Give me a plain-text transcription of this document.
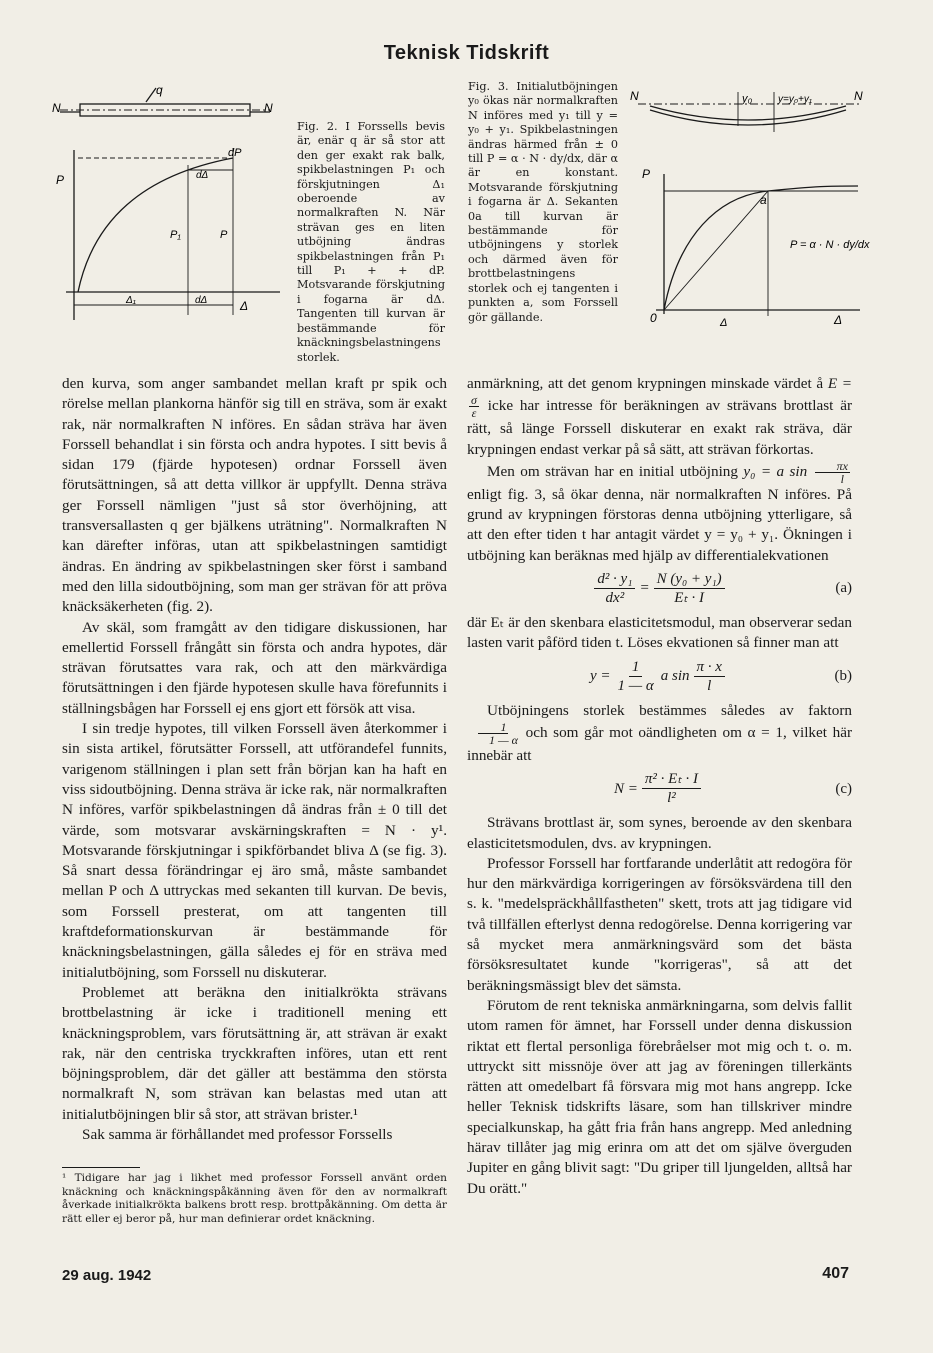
Teknisk Tidskrift
N	N
q
P
dP
dΔ
P₁	P
Δ₁	dΔ	Δ
Fig. 2. I Forssells bevis är, enär q är så stor att den ger exakt rak balk, spikbelastningen P₁ och förskjutningen Δ₁ oberoende av normalkraften N. När strävan ges en liten utböjning ändras spikbelastningen från P₁ till P₁ + + dP. Motsvarande förskjutning i fogarna är dΔ. Tangenten till kurvan är bestämmande för knäckningsbelastningens storlek.
Fig. 3. Initialutböjningen y₀ ökas när normalkraften N införes med y₁ till y = y₀ + y₁. Spikbelastningen ändras härmed från ± 0 till P = α · N · dy/dx, där α är en konstant. Motsvarande förskjutning i fogarna är Δ. Sekanten 0a till kurvan är bestämmande för utböjningens y storlek och därmed även för brottbelastningens storlek och ej tangenten i punkten a, som Forssell gör gällande.
N	N
y₀	y=y₀+y₁
P
a
P = α · N · dy/dx
0	Δ	Δ

den kurva, som anger sambandet mellan kraft pr spik och rörelse mellan plankorna hänför sig till en sträva, som är exakt rak, när normalkraften N införes. En sådan sträva har även Forssell behandlat i sin första och andra hypotes. I sitt bevis å sidan 179 (fjärde hypotesen) ordnar Forssell även förutsättningen, så att detta villkor är uppfyllt. Denna sträva ger Forssell nämligen "just så stor överhöjning, att transversallasten q ger bjälkens uträtning". Normalkraften N kan därefter införas, utan att spikbelastningen samtidigt ändras. En ändring av spikbelastningen sker först i samband med den lilla sidoutböjning, som man ger strävan för att pröva knäcksäkerheten (fig. 2).

Av skäl, som framgått av den tidigare diskussionen, har emellertid Forssell frångått sin första och andra hypotes, där strävan förutsattes vara rak, och att den märkvärdiga förutsättningen i den fjärde hypotesen skulle hava förefunnits i ställningsbågen har Forssell ej ens gjort ett försök att visa.

I sin tredje hypotes, till vilken Forssell även återkommer i sin sista artikel, förutsätter Forssell, att utförandefel funnits, varigenom ställningen i plan sett från början kan ha haft en viss sidoutböjning. Denna sträva är icke rak, när normalkraften N införes, varför spikbelastningen då ändras från ± 0 till det värde, som motsvarar avskärningskraften = N · y¹. Motsvarande förskjutningar i spikförbandet bliva Δ (se fig. 3). Så snart dessa förändringar ej äro små, måste sambandet mellan P och Δ uttryckas med sekanten till kurvan. De bevis, som Forssell presterat, om att tangenten till kraftdeformationskurvan är bestämmande för knäckningsbelastningen, gälla således ej för en sträva med initialutböjning, som Forssell nu diskuterar.

Problemet att beräkna den initialkrökta strävans brottbelastning är icke i traditionell mening ett knäckningsproblem, vars förutsättning är, att strävan är exakt rak, när den centriska tryckkraften införes, utan ett rent böjningsproblem, där det gäller att bestämma den största normalkraft N, som strävan kan belastas med utan att initialutböjningen blir så stor, att strävan brister.¹

Sak samma är förhållandet med professor Forssells

¹ Tidigare har jag i likhet med professor Forssell använt orden knäckning och knäckningspåkänning även för den av normalkraft åverkade initialkrökta balkens brott resp. brottpåkänning. Om detta är rätt eller ej beror på, hur man definierar ordet knäckning.

anmärkning, att det genom krypningen minskade värdet å E =
$\frac{\sigma}{\varepsilon}$ icke har intresse för beräkningen av strävans brottlast är rätt, så länge Forssell diskuterar en exakt rak sträva, där krypningen endast verkar på så sätt, att strävan förkortas.

Men om strävan har en initial utböjning y₀ = a $\sin \frac{\pi x}{l}$
enligt fig. 3, så ökar denna, när normalkraften N införes. På grund av krypningen förstoras denna utböjning ytterligare, så att den efter tiden t har antagit värdet y = y₀ + y₁. Ökningen i utböjning kan beräknas med hjälp av differentialekvationen

$\frac{\text{d² · y₁}}{\text{dx²}} = \frac{\text{N (y₀ + y₁)}}{\text{Eₜ · I}}$	(a)

där Eₜ är den skenbara elasticitetsmodul, man observerar sedan lasten varit påförd tiden t. Löses ekvationen så finner man att

$y = \frac{1}{1 — \alpha}$ a $\sin \frac{\pi \cdot x}{l}$	(b)

Utböjningens storlek bestämmes således av faktorn
$\frac{1}{1 — \alpha}$ och som går mot oändligheten om α = 1, vilket här innebär att

$N = \frac{\text{π² · Eₜ · I}}{\text{l²}}$	(c)

Strävans brottlast är, som synes, beroende av den skenbara elasticitetsmodulen, dvs. av krypningen.

Professor Forssell har fortfarande underlåtit att redogöra för hur den märkvärdiga korrigeringen av försöksvärdena till den s. k. "medelspräckhållfastheten" skett, trots att jag tidigare vid två tillfällen efterlyst denna redogörelse. Denna korrigering var så mycket mera anmärkningsvärd som det bästa försöksresultatet kunde "korrigeras", så att det beräkningsmässigt blev det sämsta.

Förutom de rent tekniska anmärkningarna, som delvis fallit utom ramen för ämnet, har Forssell under denna diskussion riktat ett flertal personliga förebråelser mot mig och t. o. m. uttryckt sitt missnöje över att jag av föreningen tillerkänts rätten att omedelbart få försvara mig mot hans angrepp. Icke heller Teknisk tidskrifts läsare, som han tillskriver mindre specialkunskap, ha gått fria från hans angrepp. Med anledning härav tillåter jag mig erinra om att det om själve överguden Jupiter en gång blivit sagt: "Du griper till ljungelden, alltså har Du orätt."

29 aug. 1942	407
